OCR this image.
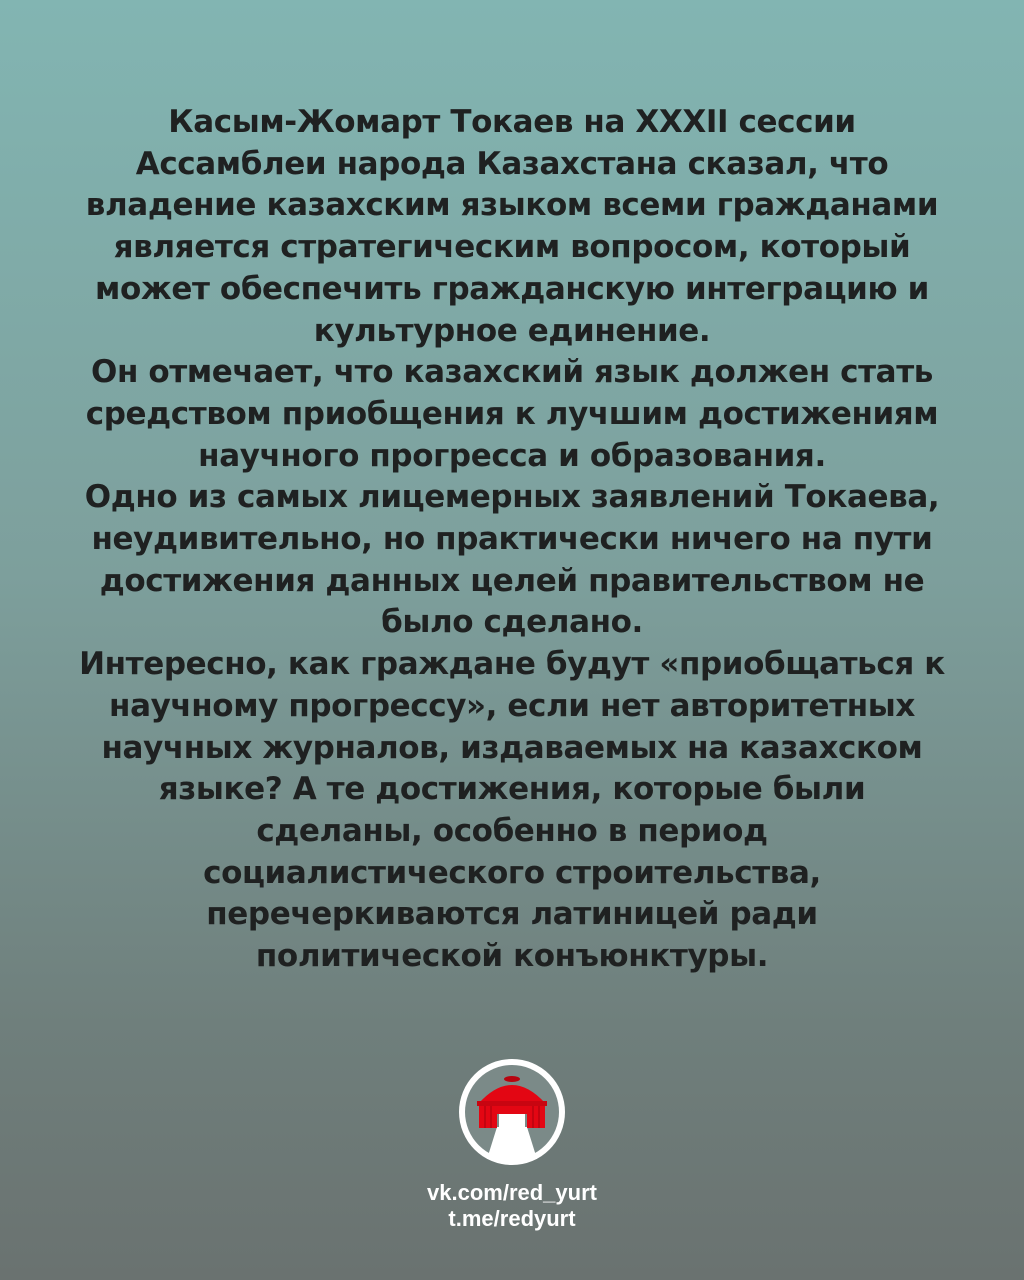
Касым-Жомарт Токаев на XXXII сессии
Ассамблеи народа Казахстана сказал, что
владение казахским языком всеми гражданами
является стратегическим вопросом, который
может обеспечить гражданскую интеграцию и
культурное единение.
Он отмечает, что казахский язык должен стать
средством приобщения к лучшим достижениям
научного прогресса и образования.
Одно из самых лицемерных заявлений Токаева,
неудивительно, но практически ничего на пути
достижения данных целей правительством не
было сделано.
Интересно, как граждане будут «приобщаться к
научному прогрессу», если нет авторитетных
научных журналов, издаваемых на казахском
языке? А те достижения, которые были
сделаны, особенно в период
социалистического строительства,
перечеркиваются латиницей ради
политической конъюнктуры.

vk.com/red_yurt
t.me/redyurt
